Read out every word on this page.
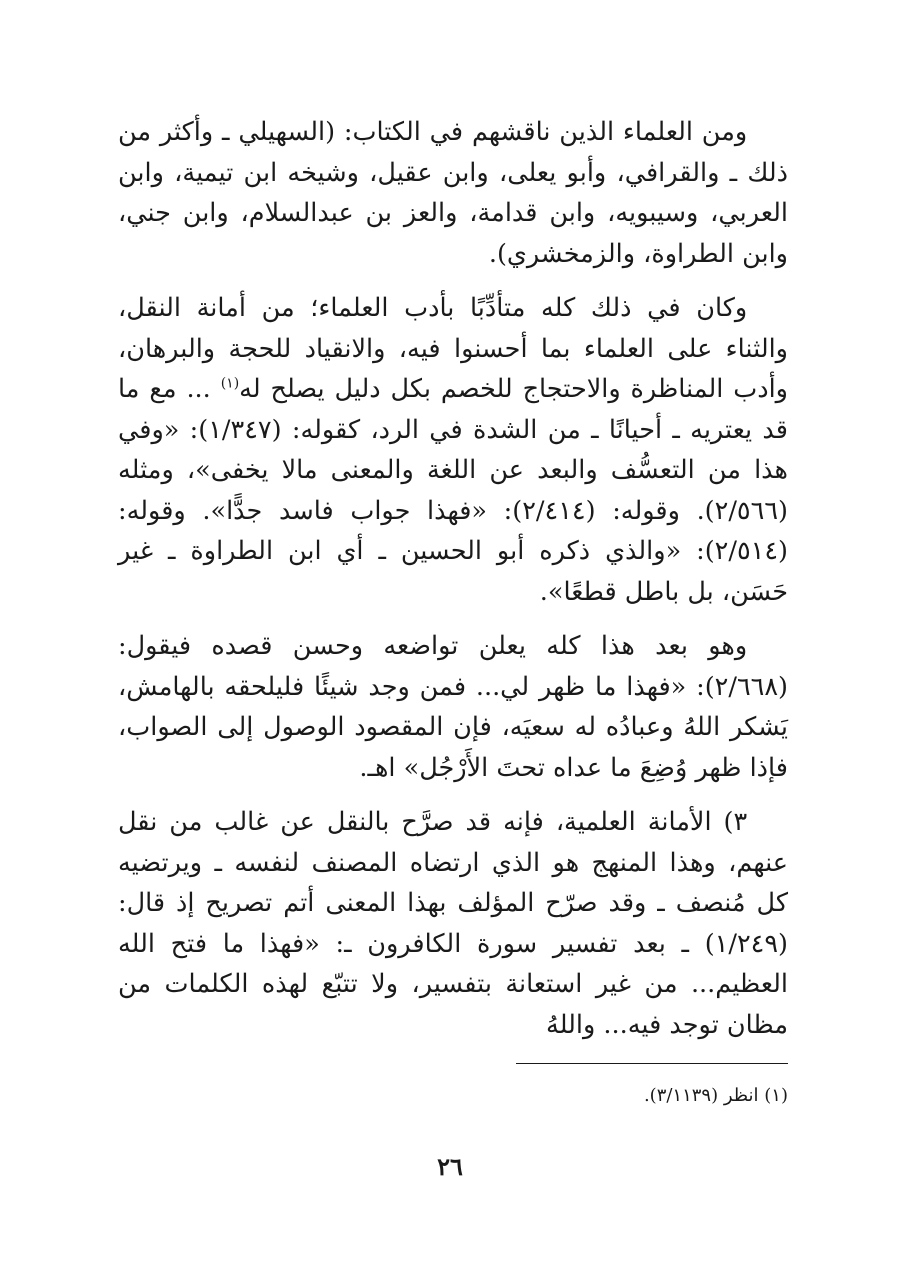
ومن العلماء الذين ناقشهم في الكتاب: (السهيلي ـ وأكثر من ذلك ـ والقرافي، وأبو يعلى، وابن عقيل، وشيخه ابن تيمية، وابن العربي، وسيبويه، وابن قدامة، والعز بن عبدالسلام، وابن جني، وابن الطراوة، والزمخشري).

وكان في ذلك كله متأدِّبًا بأدب العلماء؛ من أمانة النقل، والثناء على العلماء بما أحسنوا فيه، والانقياد للحجة والبرهان، وأدب المناظرة والاحتجاج للخصم بكل دليل يصلح له$^{(١)}$ ... مع ما قد يعتريه ـ أحيانًا ـ من الشدة في الرد، كقوله: (١/٣٤٧): «وفي هذا من التعسُّف والبعد عن اللغة والمعنى مالا يخفى»، ومثله (٢/٥٦٦). وقوله: (٢/٤١٤): «فهذا جواب فاسد جدًّا». وقوله: (٢/٥١٤): «والذي ذكره أبو الحسين ـ أي ابن الطراوة ـ غير حَسَن، بل باطل قطعًا».

وهو بعد هذا كله يعلن تواضعه وحسن قصده فيقول: (٢/٦٦٨): «فهذا ما ظهر لي... فمن وجد شيئًا فليلحقه بالهامش، يَشكر اللهُ وعبادُه له سعيَه، فإن المقصود الوصول إلى الصواب، فإذا ظهر وُضِعَ ما عداه تحتَ الأَرْجُل» اهـ.

٣) الأمانة العلمية، فإنه قد صرَّح بالنقل عن غالب من نقل عنهم، وهذا المنهج هو الذي ارتضاه المصنف لنفسه ـ ويرتضيه كل مُنصف ـ وقد صرّح المؤلف بهذا المعنى أتم تصريح إذ قال: (١/٢٤٩) ـ بعد تفسير سورة الكافرون ـ: «فهذا ما فتح الله العظيم... من غير استعانة بتفسير، ولا تتبّع لهذه الكلمات من مظان توجد فيه... واللهُ

(١) انظر (٣/١١٣٩).
٢٦
